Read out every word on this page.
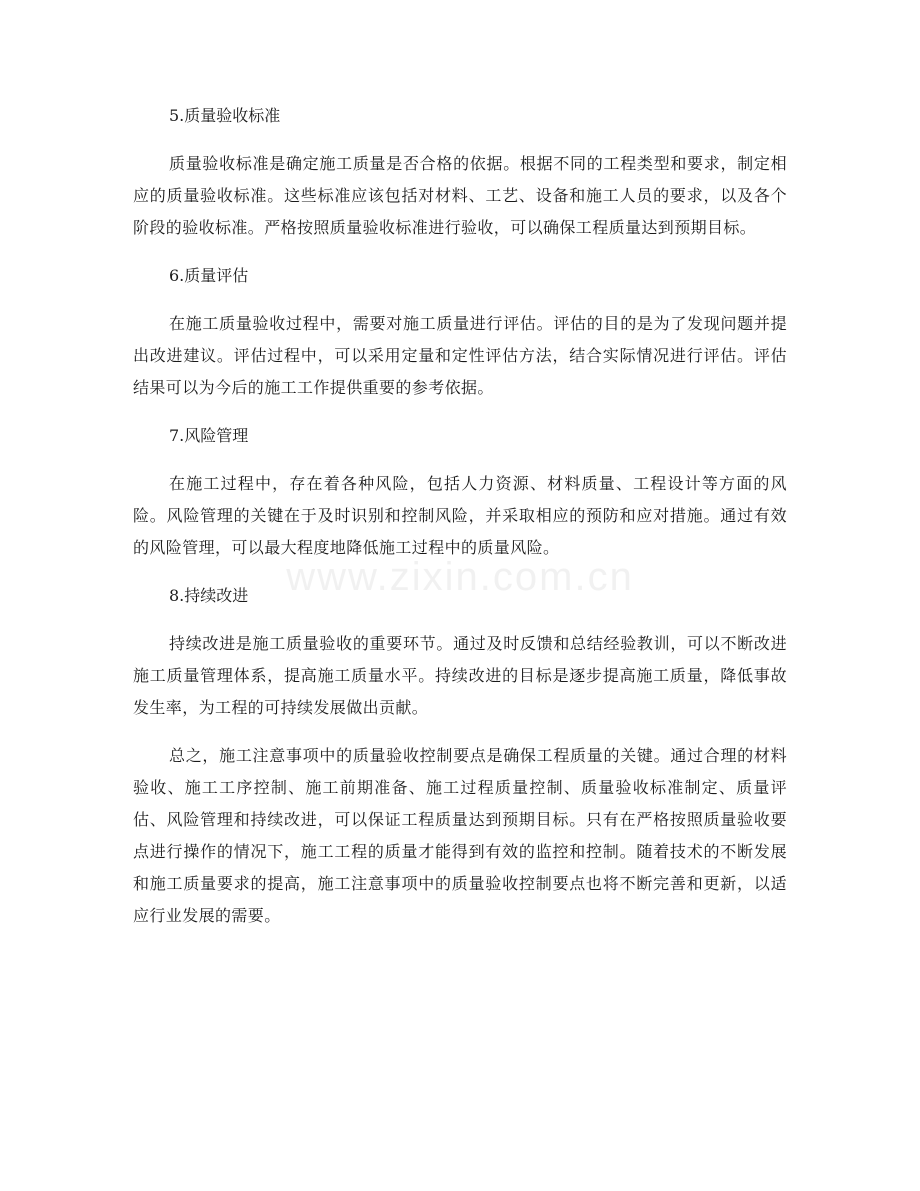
www.zixin.com.cn

5.质量验收标准

质量验收标准是确定施工质量是否合格的依据。根据不同的工程类型和要求，制定相应的质量验收标准。这些标准应该包括对材料、工艺、设备和施工人员的要求，以及各个阶段的验收标准。严格按照质量验收标准进行验收，可以确保工程质量达到预期目标。

6.质量评估

在施工质量验收过程中，需要对施工质量进行评估。评估的目的是为了发现问题并提出改进建议。评估过程中，可以采用定量和定性评估方法，结合实际情况进行评估。评估结果可以为今后的施工工作提供重要的参考依据。

7.风险管理

在施工过程中，存在着各种风险，包括人力资源、材料质量、工程设计等方面的风险。风险管理的关键在于及时识别和控制风险，并采取相应的预防和应对措施。通过有效的风险管理，可以最大程度地降低施工过程中的质量风险。

8.持续改进

持续改进是施工质量验收的重要环节。通过及时反馈和总结经验教训，可以不断改进施工质量管理体系，提高施工质量水平。持续改进的目标是逐步提高施工质量，降低事故发生率，为工程的可持续发展做出贡献。

总之，施工注意事项中的质量验收控制要点是确保工程质量的关键。通过合理的材料验收、施工工序控制、施工前期准备、施工过程质量控制、质量验收标准制定、质量评估、风险管理和持续改进，可以保证工程质量达到预期目标。只有在严格按照质量验收要点进行操作的情况下，施工工程的质量才能得到有效的监控和控制。随着技术的不断发展和施工质量要求的提高，施工注意事项中的质量验收控制要点也将不断完善和更新，以适应行业发展的需要。
